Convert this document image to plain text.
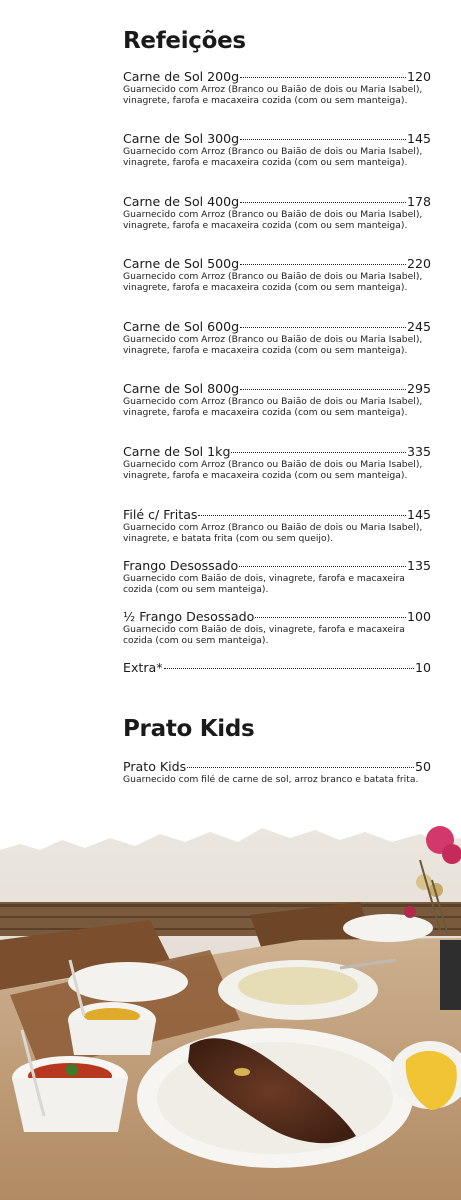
Refeições
Carne de Sol 200g	120
Guarnecido com Arroz (Branco ou Baião de dois ou Maria Isabel), vinagrete, farofa e macaxeira cozida (com ou sem manteiga).
Carne de Sol 300g	145
Guarnecido com Arroz (Branco ou Baião de dois ou Maria Isabel), vinagrete, farofa e macaxeira cozida (com ou sem manteiga).
Carne de Sol 400g	178
Guarnecido com Arroz (Branco ou Baião de dois ou Maria Isabel), vinagrete, farofa e macaxeira cozida (com ou sem manteiga).
Carne de Sol 500g	220
Guarnecido com Arroz (Branco ou Baião de dois ou Maria Isabel), vinagrete, farofa e macaxeira cozida (com ou sem manteiga).
Carne de Sol 600g	245
Guarnecido com Arroz (Branco ou Baião de dois ou Maria Isabel), vinagrete, farofa e macaxeira cozida (com ou sem manteiga).
Carne de Sol 800g	295
Guarnecido com Arroz (Branco ou Baião de dois ou Maria Isabel), vinagrete, farofa e macaxeira cozida (com ou sem manteiga).
Carne de Sol 1kg	335
Guarnecido com Arroz (Branco ou Baião de dois ou Maria Isabel), vinagrete, farofa e macaxeira cozida (com ou sem manteiga).
Filé c/ Fritas	145
Guarnecido com Arroz (Branco ou Baião de dois ou Maria Isabel), vinagrete, e batata frita (com ou sem queijo).
Frango Desossado	135
Guarnecido com Baião de dois, vinagrete, farofa e macaxeira cozida (com ou sem manteiga).
½ Frango Desossado	100
Guarnecido com Baião de dois, vinagrete, farofa e macaxeira cozida (com ou sem manteiga).
Extra*	10
Prato Kids
Prato Kids	50
Guarnecido com filé de carne de sol, arroz branco e batata frita.
